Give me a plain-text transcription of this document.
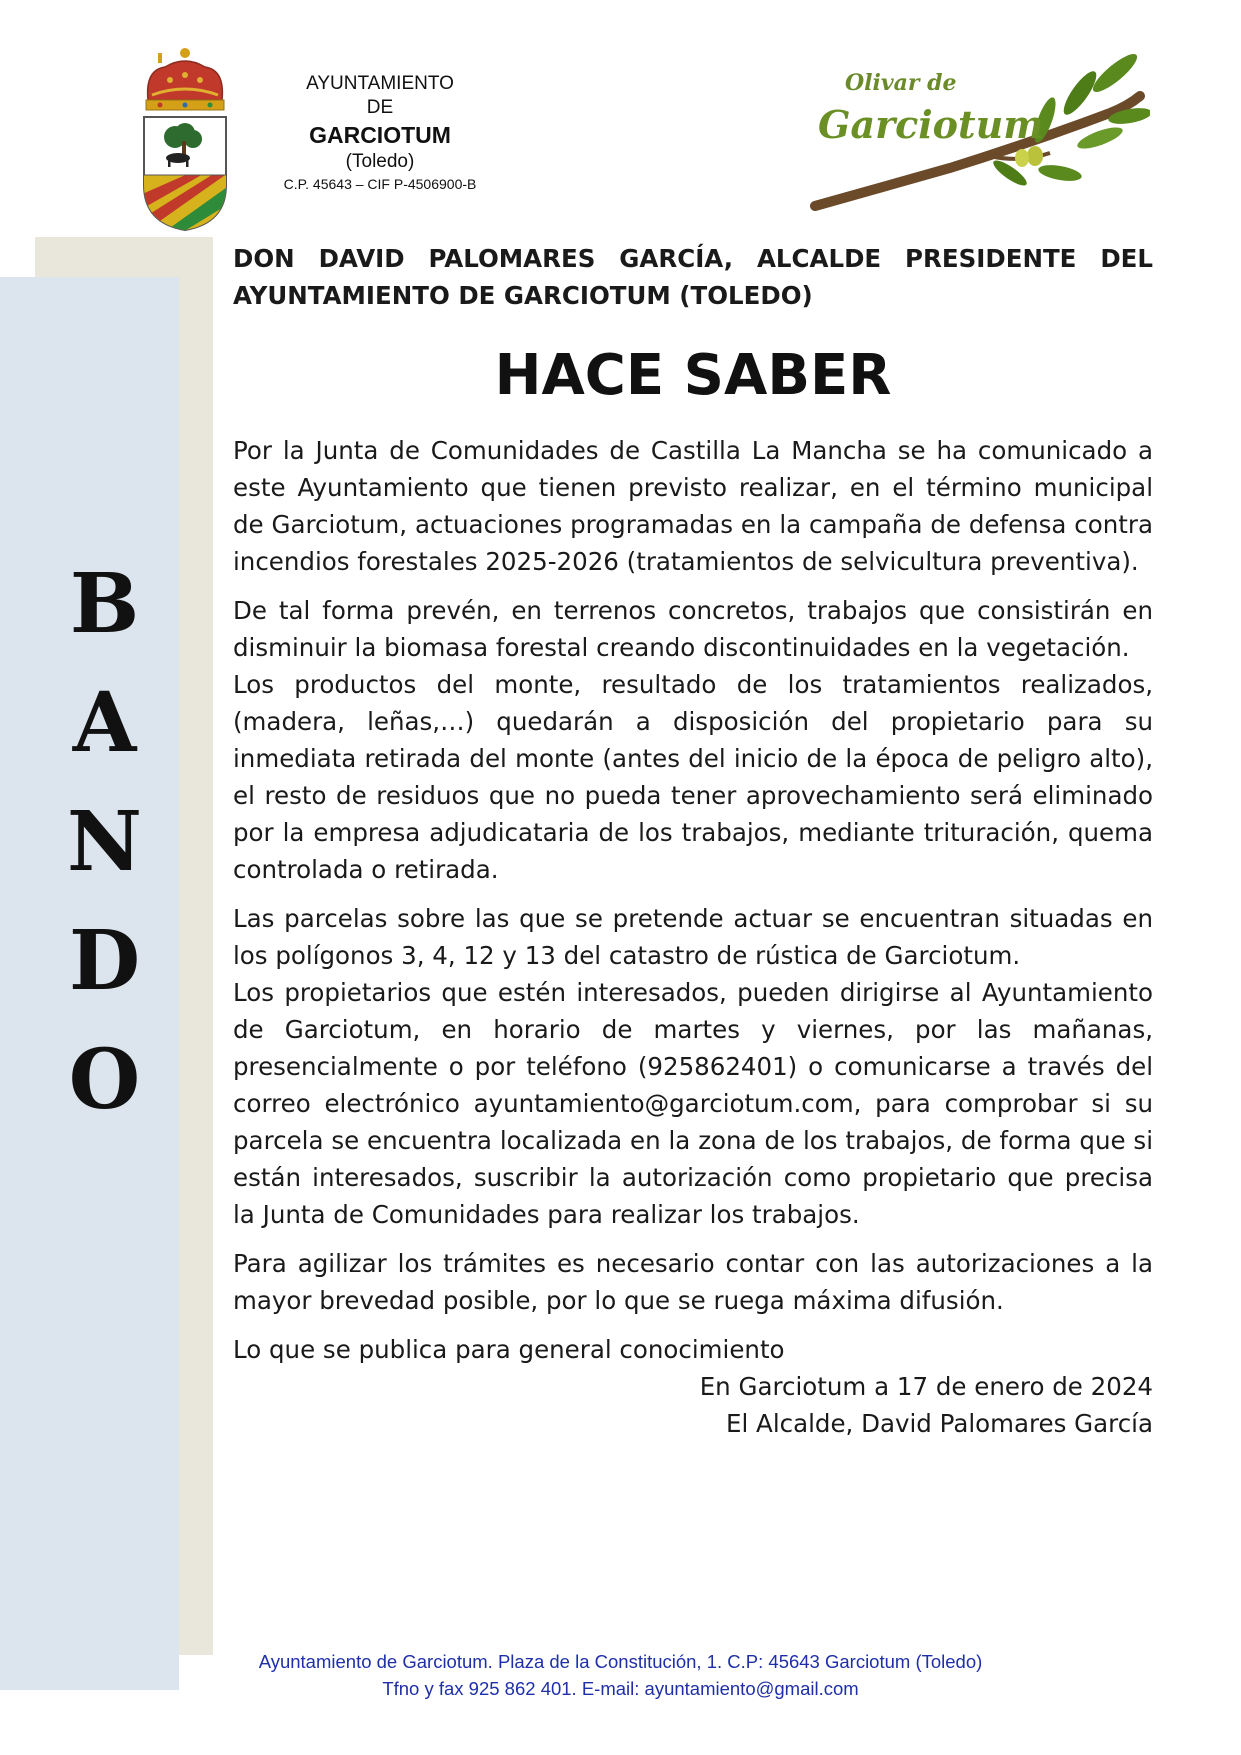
B
A
N
D
O
AYUNTAMIENTO
DE
GARCIOTUM
(Toledo)
C.P. 45643 – CIF P-4506900-B
Olivar de
Garciotum

DON DAVID PALOMARES GARCÍA, ALCALDE PRESIDENTE DEL

AYUNTAMIENTO DE GARCIOTUM (TOLEDO)

HACE SABER

Por la Junta de Comunidades de Castilla La Mancha se ha comunicado a este Ayuntamiento que tienen previsto realizar, en el término municipal de Garciotum, actuaciones programadas en la campaña de defensa contra incendios forestales 2025-2026 (tratamientos de selvicultura preventiva).

De tal forma prevén, en terrenos concretos, trabajos que consistirán en disminuir la biomasa forestal creando discontinuidades en la vegetación.

Los productos del monte, resultado de los tratamientos realizados, (madera, leñas,…) quedarán a disposición del propietario para su inmediata retirada del monte (antes del inicio de la época de peligro alto), el resto de residuos que no pueda tener aprovechamiento será eliminado por la empresa adjudicataria de los trabajos, mediante trituración, quema controlada o retirada.

Las parcelas sobre las que se pretende actuar se encuentran situadas en los polígonos 3, 4, 12 y 13 del catastro de rústica de Garciotum.

Los propietarios que estén interesados, pueden dirigirse al Ayuntamiento de Garciotum, en horario de martes y viernes, por las mañanas, presencialmente o por teléfono (925862401) o comunicarse a través del correo electrónico ayuntamiento@garciotum.com, para comprobar si su parcela se encuentra localizada en la zona de los trabajos, de forma que si están interesados, suscribir la autorización como propietario que precisa la Junta de Comunidades para realizar los trabajos.

Para agilizar los trámites es necesario contar con las autorizaciones a la mayor brevedad posible, por lo que se ruega máxima difusión.

Lo que se publica para general conocimiento

En Garciotum a 17 de enero de 2024

El Alcalde, David Palomares García

Ayuntamiento de Garciotum. Plaza de la Constitución, 1. C.P: 45643 Garciotum (Toledo)
Tfno y fax 925 862 401. E-mail: ayuntamiento@gmail.com
